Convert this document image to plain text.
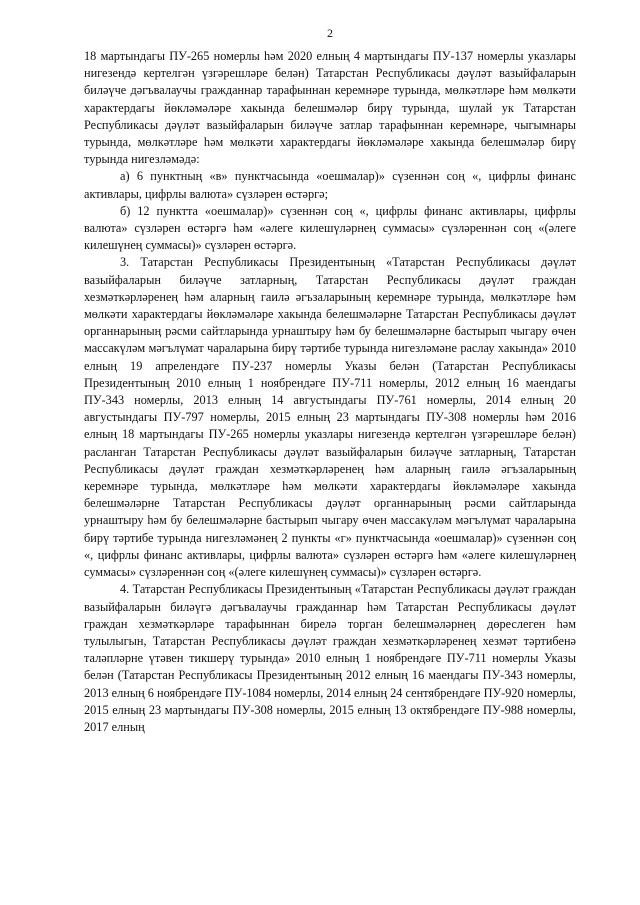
2

18 мартындагы ПУ-265 номерлы һәм 2020 елның 4 мартындагы ПУ-137 номерлы указлары нигезендә кертелгән үзгәрешләре белән) Татарстан Республикасы дәүләт вазыйфаларын биләүче дәгъвалаучы гражданнар тарафыннан керемнәре турында, мөлкәтләре һәм мөлкәти характердагы йөкләмәләре хакында белешмәләр бирү турында, шулай ук Татарстан Республикасы дәүләт вазыйфаларын биләүче затлар тарафыннан керемнәре, чыгымнары турында, мөлкәтләре һәм мөлкәти характердагы йөкләмәләре хакында белешмәләр бирү турында нигезләмәдә:

а) 6 пунктның «в» пунктчасында «оешмалар)» сүзеннән соң «, цифрлы финанс активлары, цифрлы валюта» сүзләрен өстәргә;

б) 12 пунктта «оешмалар)» сүзеннән соң «, цифрлы финанс активлары, цифрлы валюта» сүзләрен өстәргә һәм «әлеге килешүләрнең суммасы» сүзләреннән соң «(әлеге килешүнең суммасы)» сүзләрен өстәргә.

3. Татарстан Республикасы Президентының «Татарстан Республикасы дәүләт вазыйфаларын биләүче затларның, Татарстан Республикасы дәүләт граждан хезмәткәрләренең һәм аларның гаилә әгъзаларының керемнәре турында, мөлкәтләре һәм мөлкәти характердагы йөкләмәләре хакында белешмәләрне Татарстан Республикасы дәүләт органнарының рәсми сайтларында урнаштыру һәм бу белешмәләрне бастырып чыгару өчен массакүләм мәгълүмат чараларына бирү тәртибе турында нигезләмәне раслау хакында» 2010 елның 19 апрелендәге ПУ-237 номерлы Указы белән (Татарстан Республикасы Президентының 2010 елның 1 ноябрендәге ПУ-711 номерлы, 2012 елның 16 маендагы ПУ-343 номерлы, 2013 елның 14 августындагы ПУ-761 номерлы, 2014 елның 20 августындагы ПУ-797 номерлы, 2015 елның 23 мартындагы ПУ-308 номерлы һәм 2016 елның 18 мартындагы ПУ-265 номерлы указлары нигезендә кертелгән үзгәрешләре белән) расланган Татарстан Республикасы дәүләт вазыйфаларын биләүче затларның, Татарстан Республикасы дәүләт граждан хезмәткәрләренең һәм аларның гаилә әгъзаларының керемнәре турында, мөлкәтләре һәм мөлкәти характердагы йөкләмәләре хакында белешмәләрне Татарстан Республикасы дәүләт органнарының рәсми сайтларында урнаштыру һәм бу белешмәләрне бастырып чыгару өчен массакүләм мәгълүмат чараларына бирү тәртибе турында нигезләмәнең 2 пункты «г» пунктчасында «оешмалар)» сүзеннән соң «, цифрлы финанс активлары, цифрлы валюта» сүзләрен өстәргә һәм «әлеге килешүләрнең суммасы» сүзләреннән соң «(әлеге килешүнең суммасы)» сүзләрен өстәргә.

4. Татарстан Республикасы Президентының «Татарстан Республикасы дәүләт граждан вазыйфаларын биләүгә дәгъвалаучы гражданнар һәм Татарстан Республикасы дәүләт граждан хезмәткәрләре тарафыннан бирелә торган белешмәләрнең дөреслеген һәм тулылыгын, Татарстан Республикасы дәүләт граждан хезмәткәрләренең хезмәт тәртибенә таләпләрне үтәвен тикшерү турында» 2010 елның 1 ноябрендәге ПУ-711 номерлы Указы белән (Татарстан Республикасы Президентының 2012 елның 16 маендагы ПУ-343 номерлы, 2013 елның 6 ноябрендәге ПУ-1084 номерлы, 2014 елның 24 сентябрендәге ПУ-920 номерлы, 2015 елның 23 мартындагы ПУ-308 номерлы, 2015 елның 13 октябрендәге ПУ-988 номерлы, 2017 елның
